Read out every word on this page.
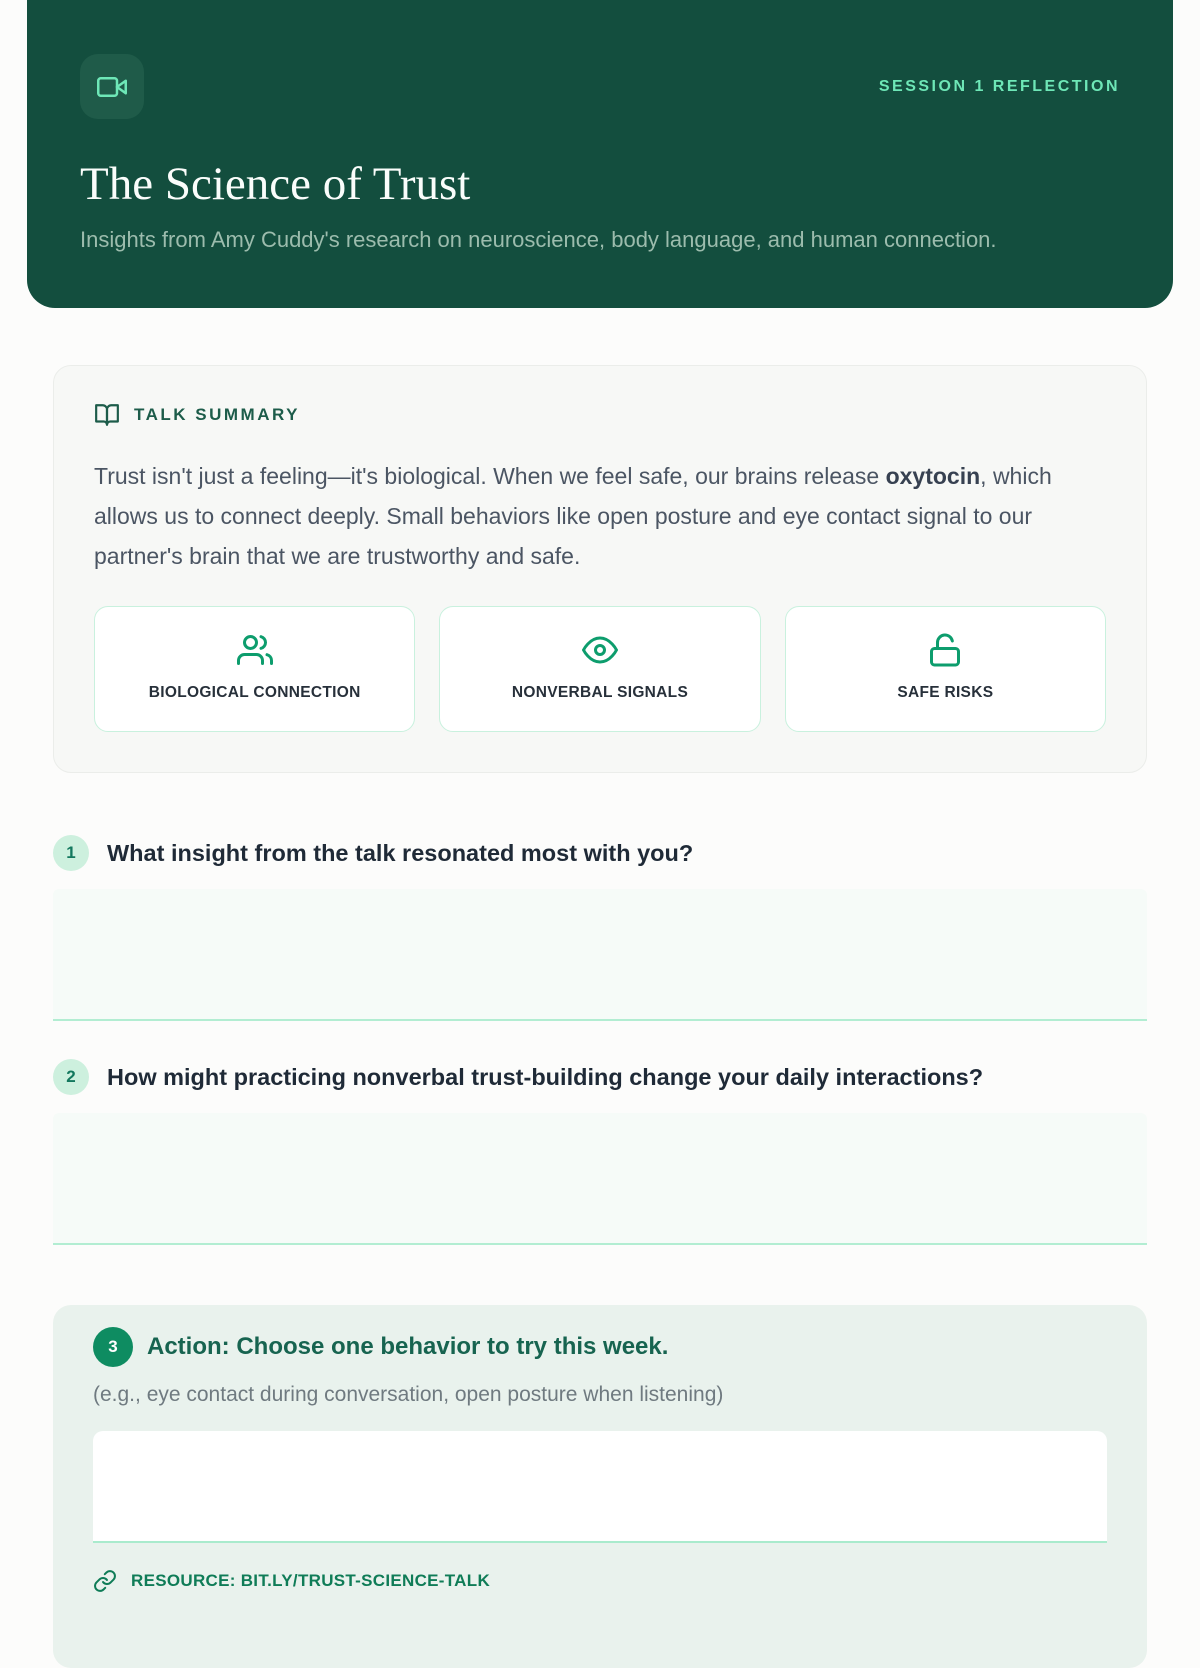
SESSION 1 REFLECTION
The Science of Trust

Insights from Amy Cuddy's research on neuroscience, body language, and human connection.

TALK SUMMARY

Trust isn't just a feeling—it's biological. When we feel safe, our brains release oxytocin, which allows us to connect deeply. Small behaviors like open posture and eye contact signal to our partner's brain that we are trustworthy and safe.

BIOLOGICAL CONNECTION	NONVERBAL SIGNALS	SAFE RISKS
1	What insight from the talk resonated most with you?
2	How might practicing nonverbal trust-building change your daily interactions?
3	Action: Choose one behavior to try this week.

(e.g., eye contact during conversation, open posture when listening)

RESOURCE: BIT.LY/TRUST-SCIENCE-TALK
